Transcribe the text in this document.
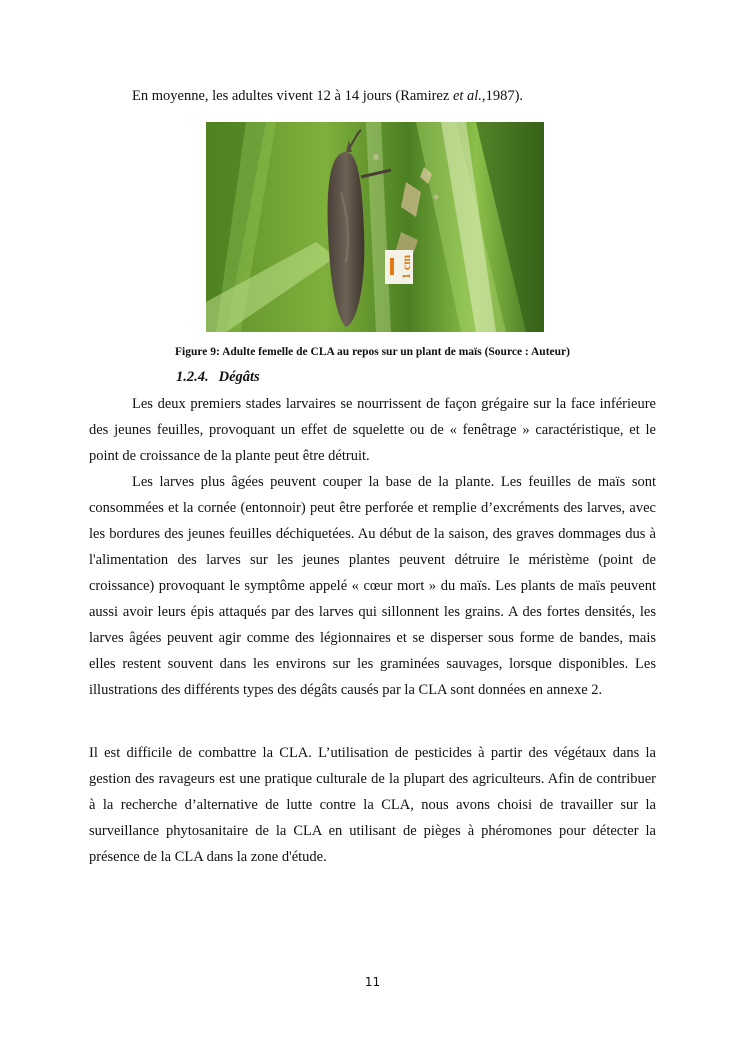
En moyenne, les adultes vivent 12 à 14 jours (Ramirez et al.,1987).
1 cm
Figure 9: Adulte femelle de CLA au repos sur un plant de maïs (Source : Auteur)
1.2.4. Dégâts

Les deux premiers stades larvaires se nourrissent de façon grégaire sur la face inférieure des jeunes feuilles, provoquant un effet de squelette ou de « fenêtrage » caractéristique, et le point de croissance de la plante peut être détruit.

Les larves plus âgées peuvent couper la base de la plante. Les feuilles de maïs sont consommées et la cornée (entonnoir) peut être perforée et remplie d’excréments des larves, avec les bordures des jeunes feuilles déchiquetées. Au début de la saison, des graves dommages dus à l'alimentation des larves sur les jeunes plantes peuvent détruire le méristème (point de croissance) provoquant le symptôme appelé « cœur mort » du maïs. Les plants de maïs peuvent aussi avoir leurs épis attaqués par des larves qui sillonnent les grains. A des fortes densités, les larves âgées peuvent agir comme des légionnaires et se disperser sous forme de bandes, mais elles restent souvent dans les environs sur les graminées sauvages, lorsque disponibles. Les illustrations des différents types des dégâts causés par la CLA sont données en annexe 2.

Il est difficile de combattre la CLA. L’utilisation de pesticides à partir des végétaux dans la gestion des ravageurs est une pratique culturale de la plupart des agriculteurs. Afin de contribuer à la recherche d’alternative de lutte contre la CLA, nous avons choisi de travailler sur la surveillance phytosanitaire de la CLA en utilisant de pièges à phéromones pour détecter la présence de la CLA dans la zone d'étude.

11
